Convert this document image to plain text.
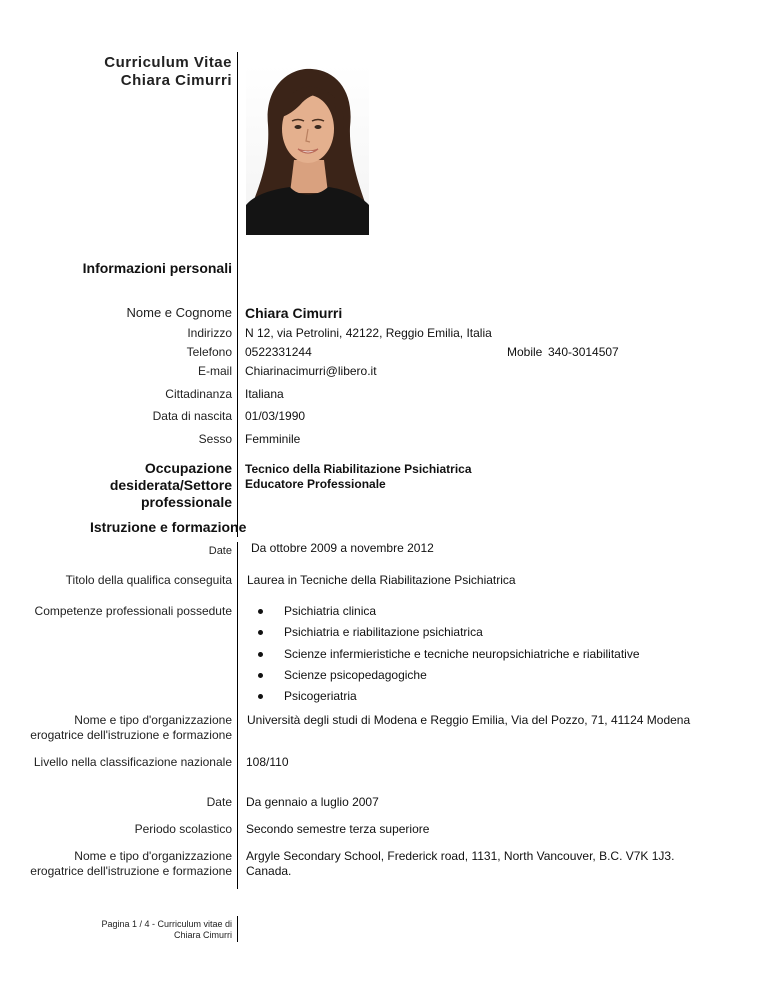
Curriculum Vitae
Chiara Cimurri
Informazioni personali
Nome e Cognome Chiara Cimurri
Indirizzo N 12, via Petrolini, 42122, Reggio Emilia, Italia
Telefono 0522331244	Mobile 340-3014507
E-mail Chiarinacimurri@libero.it
Cittadinanza Italiana
Data di nascita 01/03/1990
Sesso Femminile
Occupazione
desiderata/Settore
professionale
Tecnico della Riabilitazione Psichiatrica
Educatore Professionale
Istruzione e formazione
Date Da ottobre 2009 a novembre 2012
Titolo della qualifica conseguita Laurea in Tecniche della Riabilitazione Psichiatrica
Competenze professionali possedute	Psichiatria clinica
Psichiatria e riabilitazione psichiatrica
Scienze infermieristiche e tecniche neuropsichiatriche e riabilitative
Scienze psicopedagogiche
Psicogeriatria
Nome e tipo d'organizzazione
erogatrice dell'istruzione e formazione
Università degli studi di Modena e Reggio Emilia, Via del Pozzo, 71, 41124 Modena
Livello nella classificazione nazionale 108/110
Date Da gennaio a luglio 2007
Periodo scolastico Secondo semestre terza superiore
Nome e tipo d'organizzazione
erogatrice dell'istruzione e formazione
Argyle Secondary School, Frederick road, 1131, North Vancouver, B.C. V7K 1J3.
Canada.
Pagina 1 / 4 - Curriculum vitae di
Chiara Cimurri
